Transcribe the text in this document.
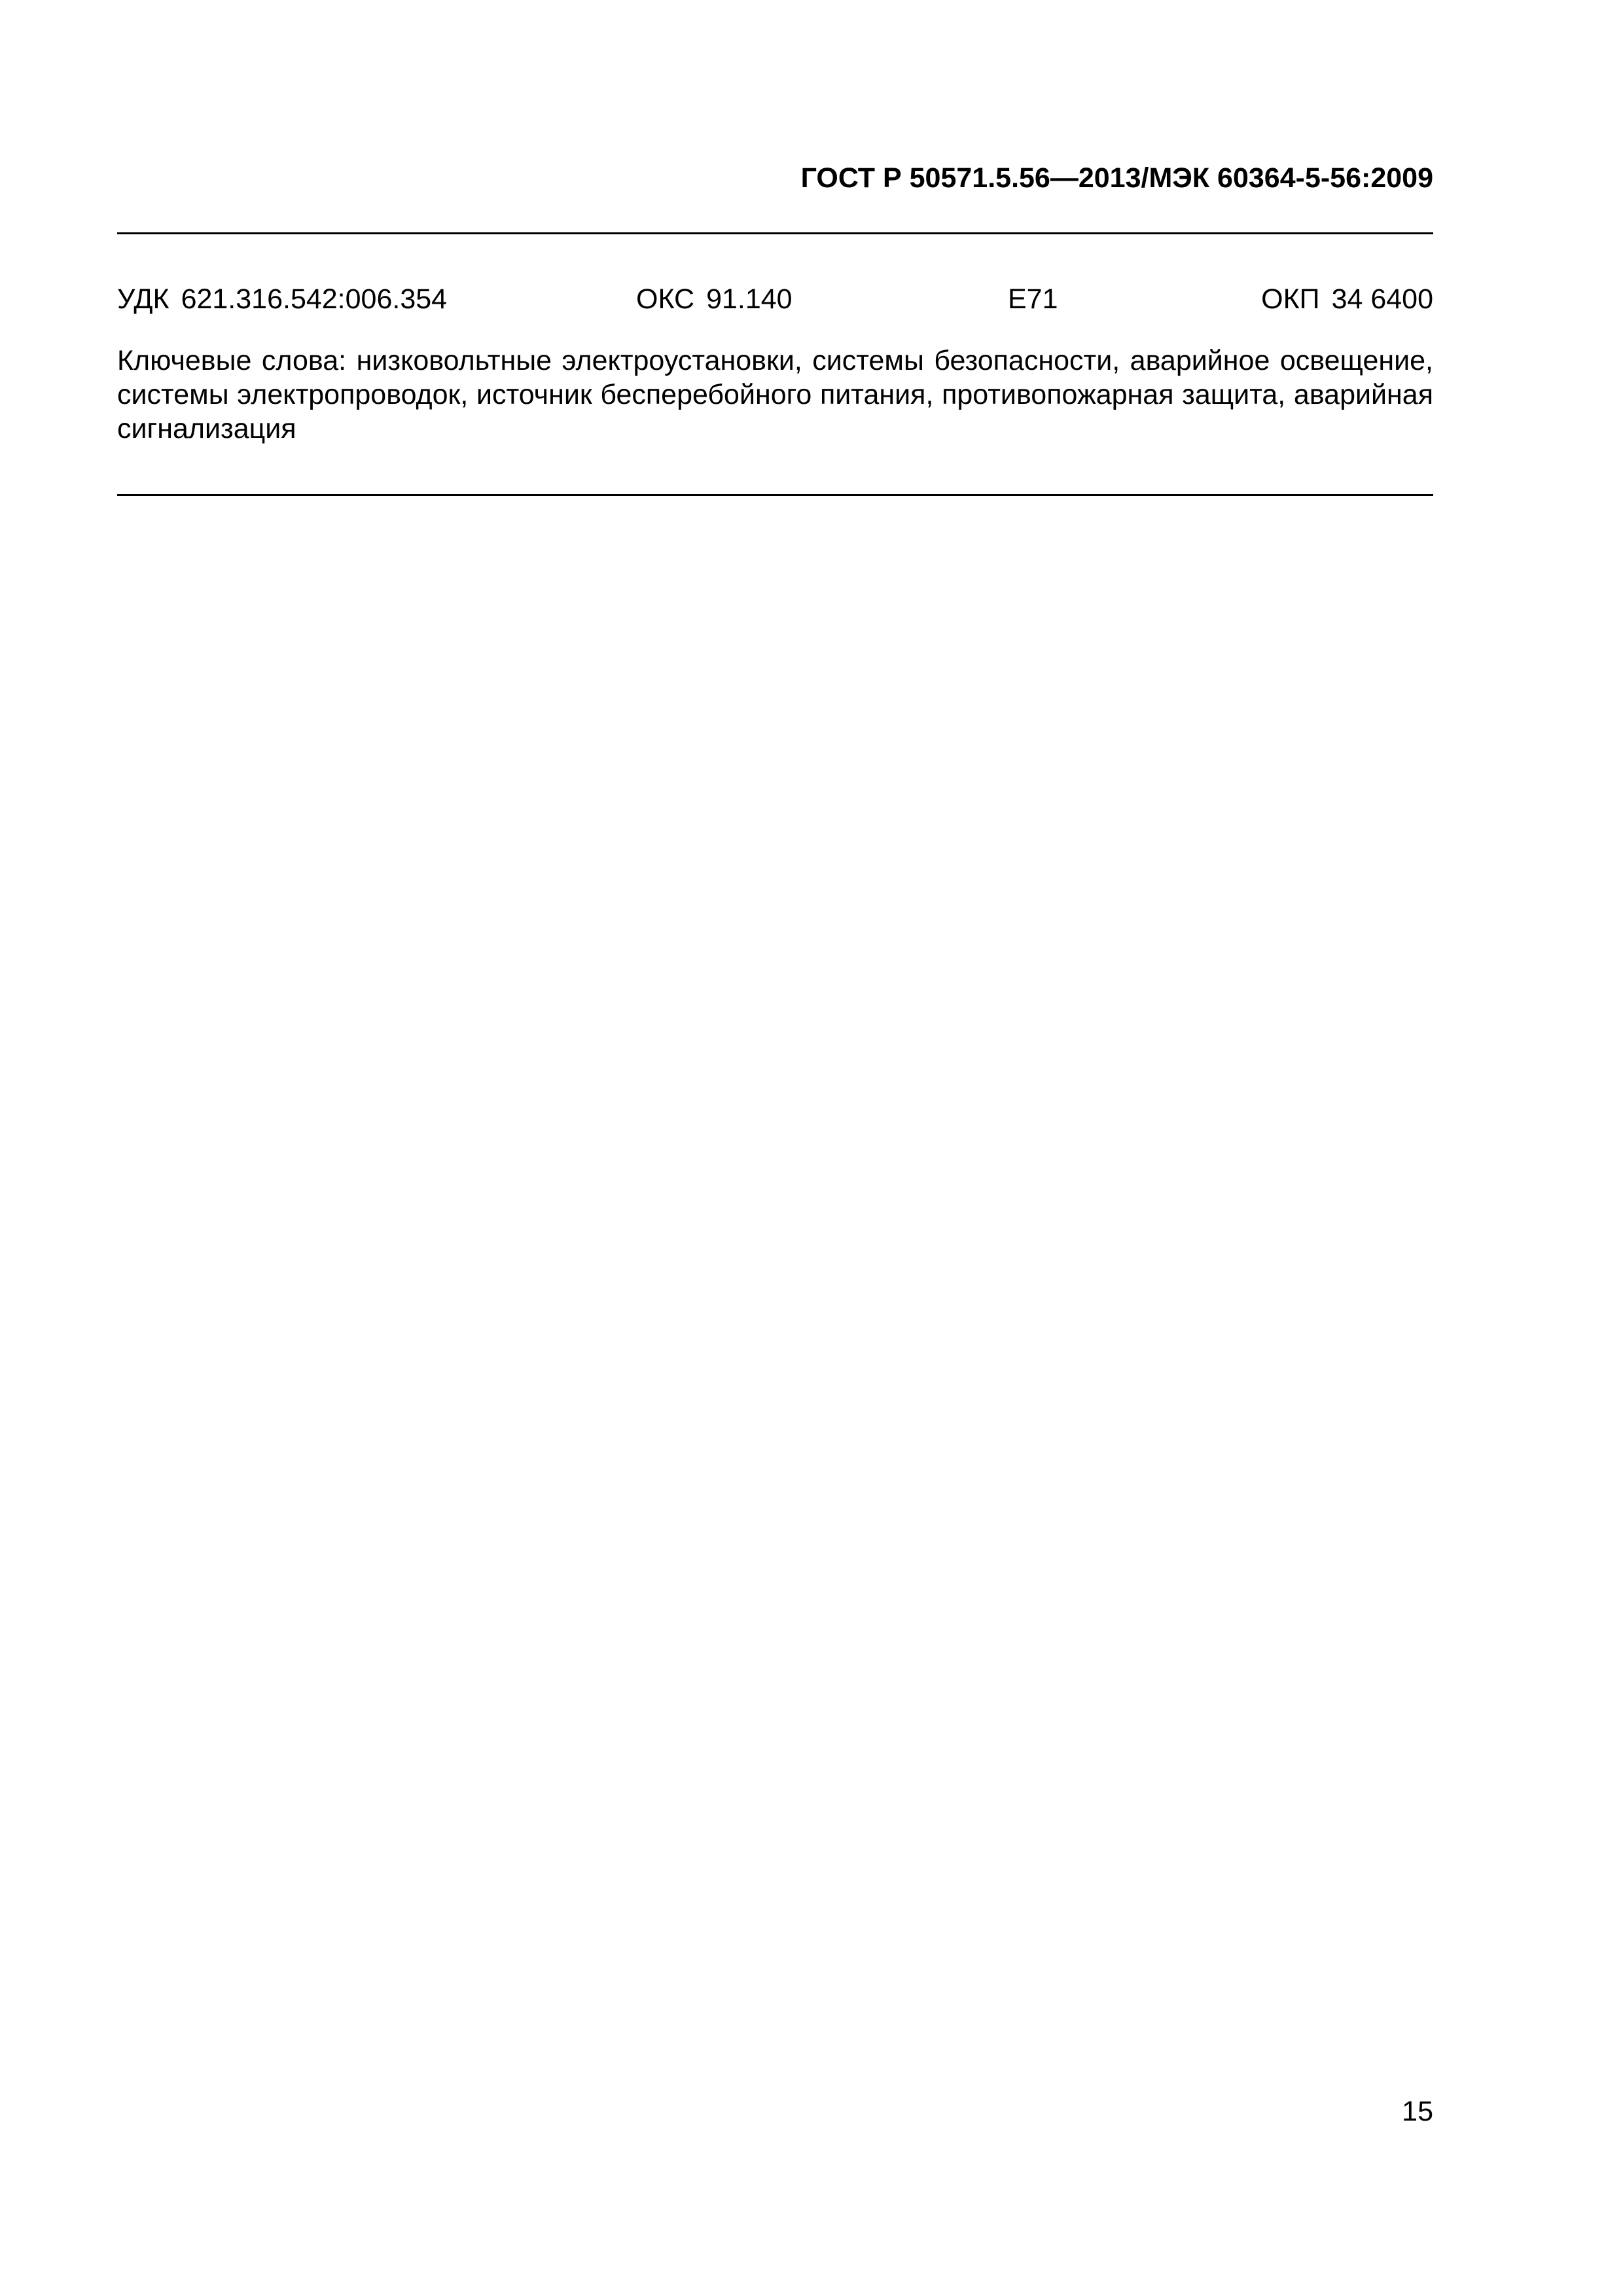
ГОСТ Р 50571.5.56—2013/МЭК 60364-5-56:2009
УДК 621.316.542:006.354	ОКС 91.140	Е71	ОКП 34 6400

Ключевые слова: низковольтные электроустановки, системы безопасности, аварийное освещение, системы электропроводок, источник бесперебойного питания, противопожарная защита, аварийная сигнализация

15
